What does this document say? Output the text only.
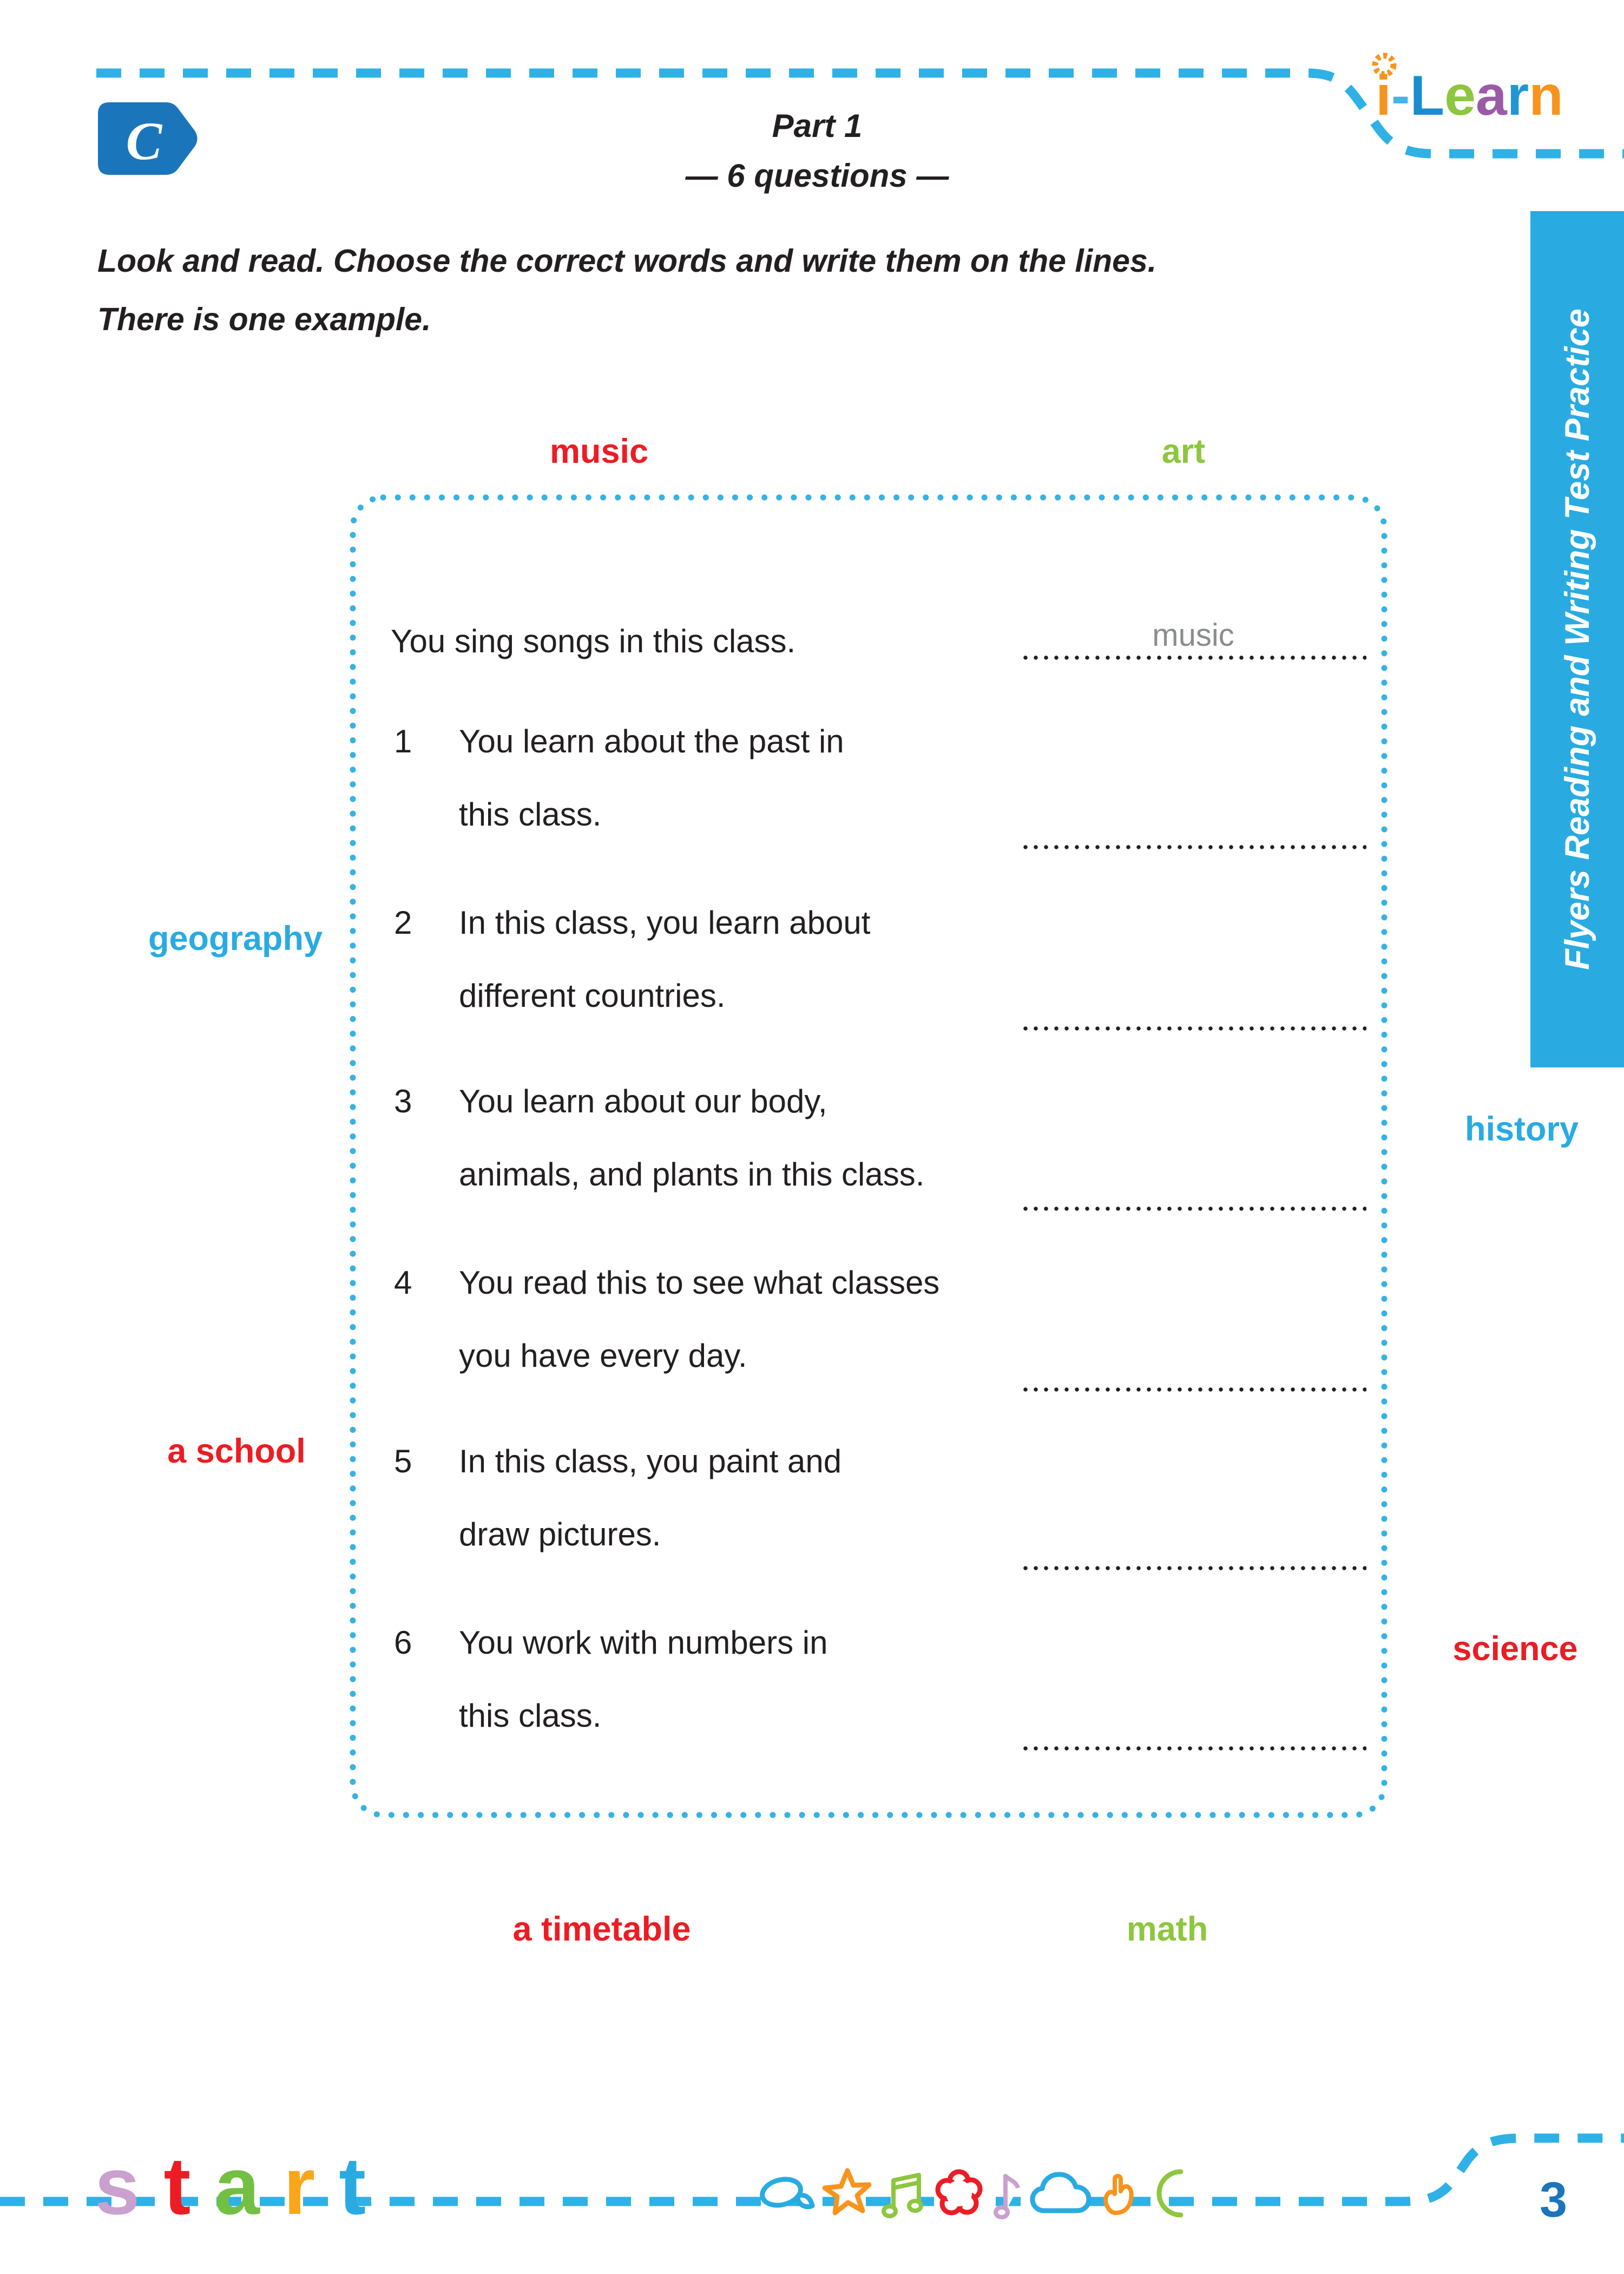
C
i-Learn
Part 1
— 6 questions —
Look and read. Choose the correct words and write them on the lines.
There is one example.
music	art
geography
history
a school
science
a timetable	math
You sing songs in this class.	music
1 You learn about the past in
this class.
2 In this class, you learn about
different countries.
3 You learn about our body,
animals, and plants in this class.
4 You read this to see what classes
you have every day.
5 In this class, you paint and
draw pictures.
6 You work with numbers in
this class.
Flyers Reading and Writing Test Practice
start	3
